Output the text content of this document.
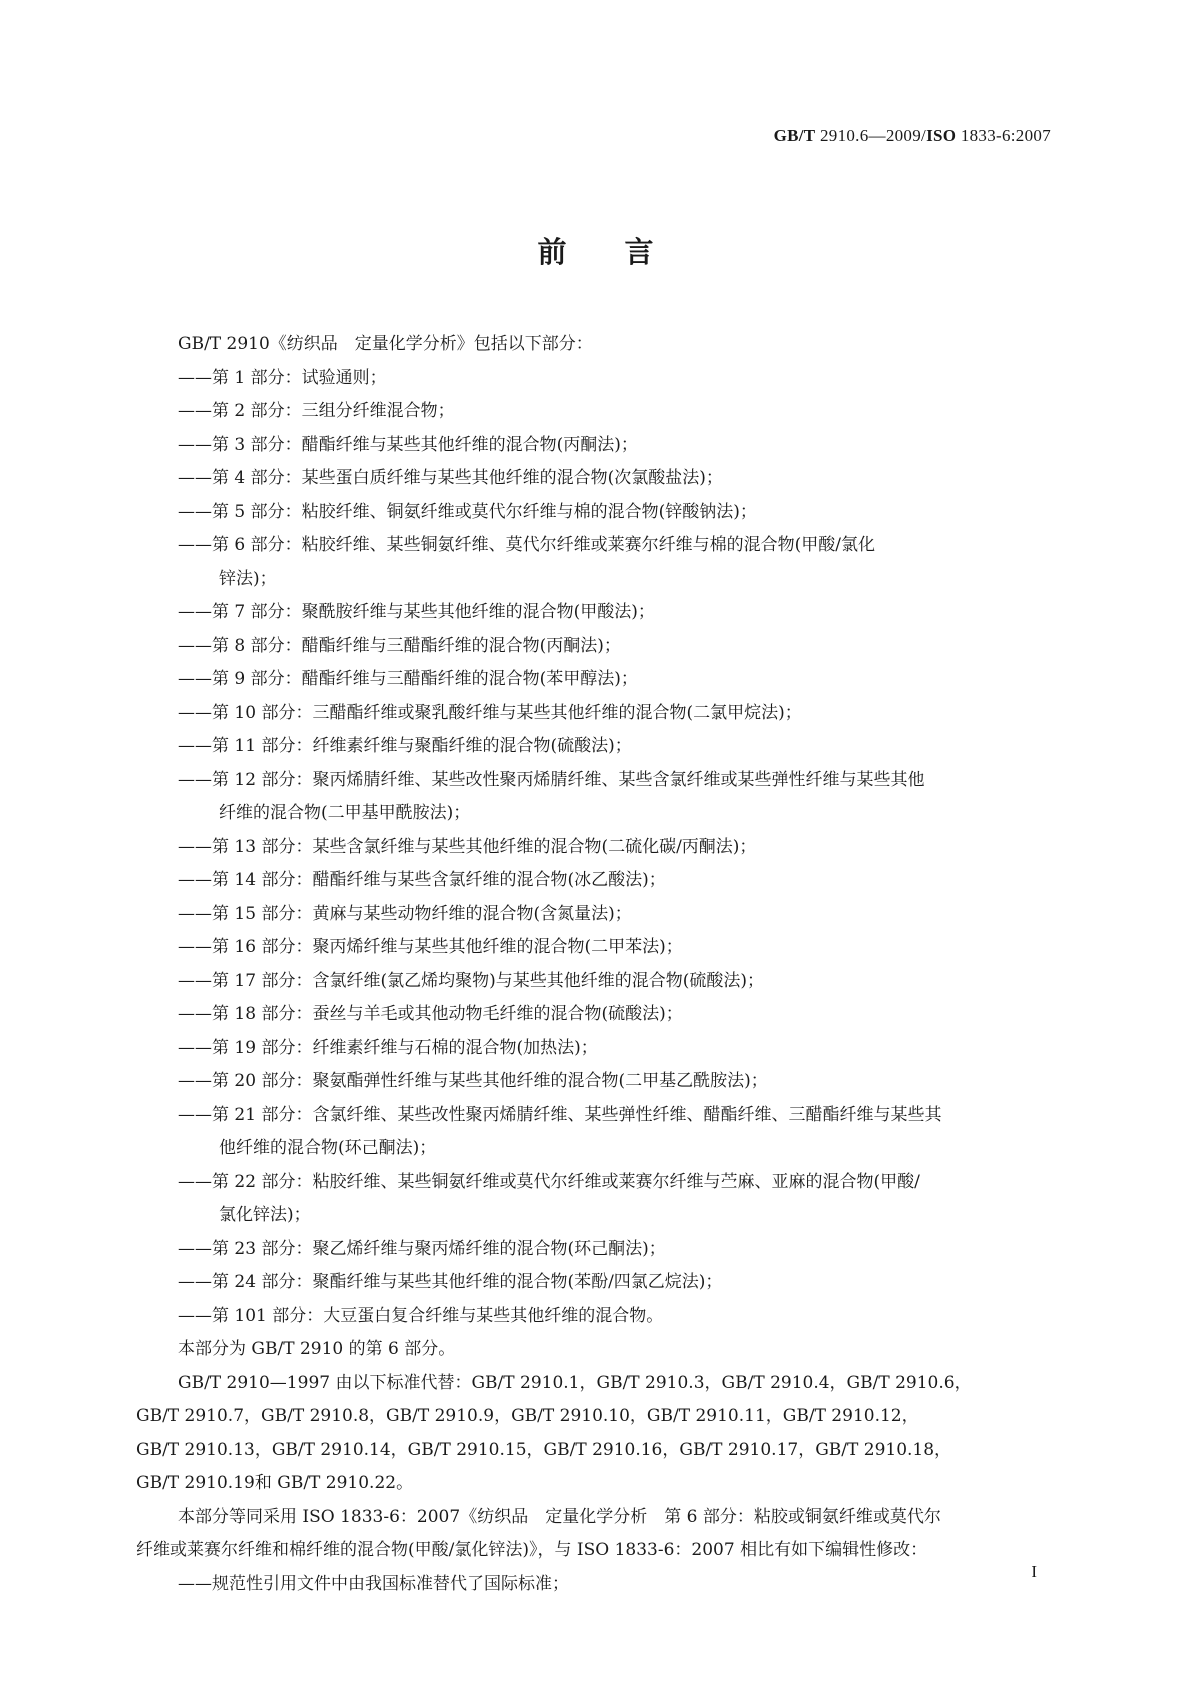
GB/T 2910.6—2009/ISO 1833-6:2007
前言

GB/T 2910《纺织品　定量化学分析》包括以下部分：

——第 1 部分：试验通则；

——第 2 部分：三组分纤维混合物；

——第 3 部分：醋酯纤维与某些其他纤维的混合物(丙酮法)；

——第 4 部分：某些蛋白质纤维与某些其他纤维的混合物(次氯酸盐法)；

——第 5 部分：粘胶纤维、铜氨纤维或莫代尔纤维与棉的混合物(锌酸钠法)；

——第 6 部分：粘胶纤维、某些铜氨纤维、莫代尔纤维或莱赛尔纤维与棉的混合物(甲酸/氯化

锌法)；

——第 7 部分：聚酰胺纤维与某些其他纤维的混合物(甲酸法)；

——第 8 部分：醋酯纤维与三醋酯纤维的混合物(丙酮法)；

——第 9 部分：醋酯纤维与三醋酯纤维的混合物(苯甲醇法)；

——第 10 部分：三醋酯纤维或聚乳酸纤维与某些其他纤维的混合物(二氯甲烷法)；

——第 11 部分：纤维素纤维与聚酯纤维的混合物(硫酸法)；

——第 12 部分：聚丙烯腈纤维、某些改性聚丙烯腈纤维、某些含氯纤维或某些弹性纤维与某些其他

纤维的混合物(二甲基甲酰胺法)；

——第 13 部分：某些含氯纤维与某些其他纤维的混合物(二硫化碳/丙酮法)；

——第 14 部分：醋酯纤维与某些含氯纤维的混合物(冰乙酸法)；

——第 15 部分：黄麻与某些动物纤维的混合物(含氮量法)；

——第 16 部分：聚丙烯纤维与某些其他纤维的混合物(二甲苯法)；

——第 17 部分：含氯纤维(氯乙烯均聚物)与某些其他纤维的混合物(硫酸法)；

——第 18 部分：蚕丝与羊毛或其他动物毛纤维的混合物(硫酸法)；

——第 19 部分：纤维素纤维与石棉的混合物(加热法)；

——第 20 部分：聚氨酯弹性纤维与某些其他纤维的混合物(二甲基乙酰胺法)；

——第 21 部分：含氯纤维、某些改性聚丙烯腈纤维、某些弹性纤维、醋酯纤维、三醋酯纤维与某些其

他纤维的混合物(环己酮法)；

——第 22 部分：粘胶纤维、某些铜氨纤维或莫代尔纤维或莱赛尔纤维与苎麻、亚麻的混合物(甲酸/

氯化锌法)；

——第 23 部分：聚乙烯纤维与聚丙烯纤维的混合物(环己酮法)；

——第 24 部分：聚酯纤维与某些其他纤维的混合物(苯酚/四氯乙烷法)；

——第 101 部分：大豆蛋白复合纤维与某些其他纤维的混合物。

本部分为 GB/T 2910 的第 6 部分。

GB/T 2910—1997 由以下标准代替：GB/T 2910.1，GB/T 2910.3，GB/T 2910.4，GB/T 2910.6，

GB/T 2910.7，GB/T 2910.8，GB/T 2910.9，GB/T 2910.10，GB/T 2910.11，GB/T 2910.12，

GB/T 2910.13，GB/T 2910.14，GB/T 2910.15，GB/T 2910.16，GB/T 2910.17，GB/T 2910.18，

GB/T 2910.19和 GB/T 2910.22。

本部分等同采用 ISO 1833-6：2007《纺织品　定量化学分析　第 6 部分：粘胶或铜氨纤维或莫代尔

纤维或莱赛尔纤维和棉纤维的混合物(甲酸/氯化锌法)》，与 ISO 1833-6：2007 相比有如下编辑性修改：

——规范性引用文件中由我国标准替代了国际标准；

I
